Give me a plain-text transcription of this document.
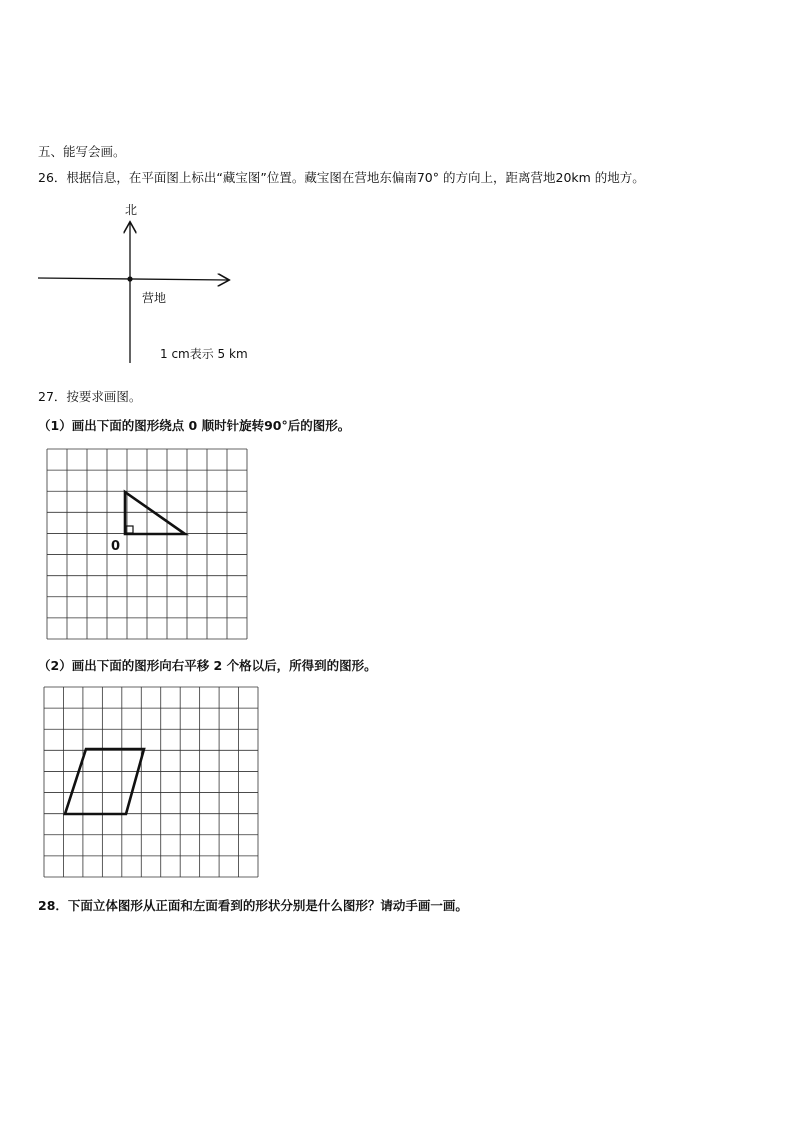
五、能写会画。
26．根据信息，在平面图上标出“藏宝图”位置。藏宝图在营地东偏南70° 的方向上，距离营地20km 的地方。
北
营地
1 cm表示 5 km
27．按要求画图。
（1）画出下面的图形绕点 0 顺时针旋转90°后的图形。
0
（2）画出下面的图形向右平移 2 个格以后，所得到的图形。
28．下面立体图形从正面和左面看到的形状分别是什么图形？请动手画一画。
